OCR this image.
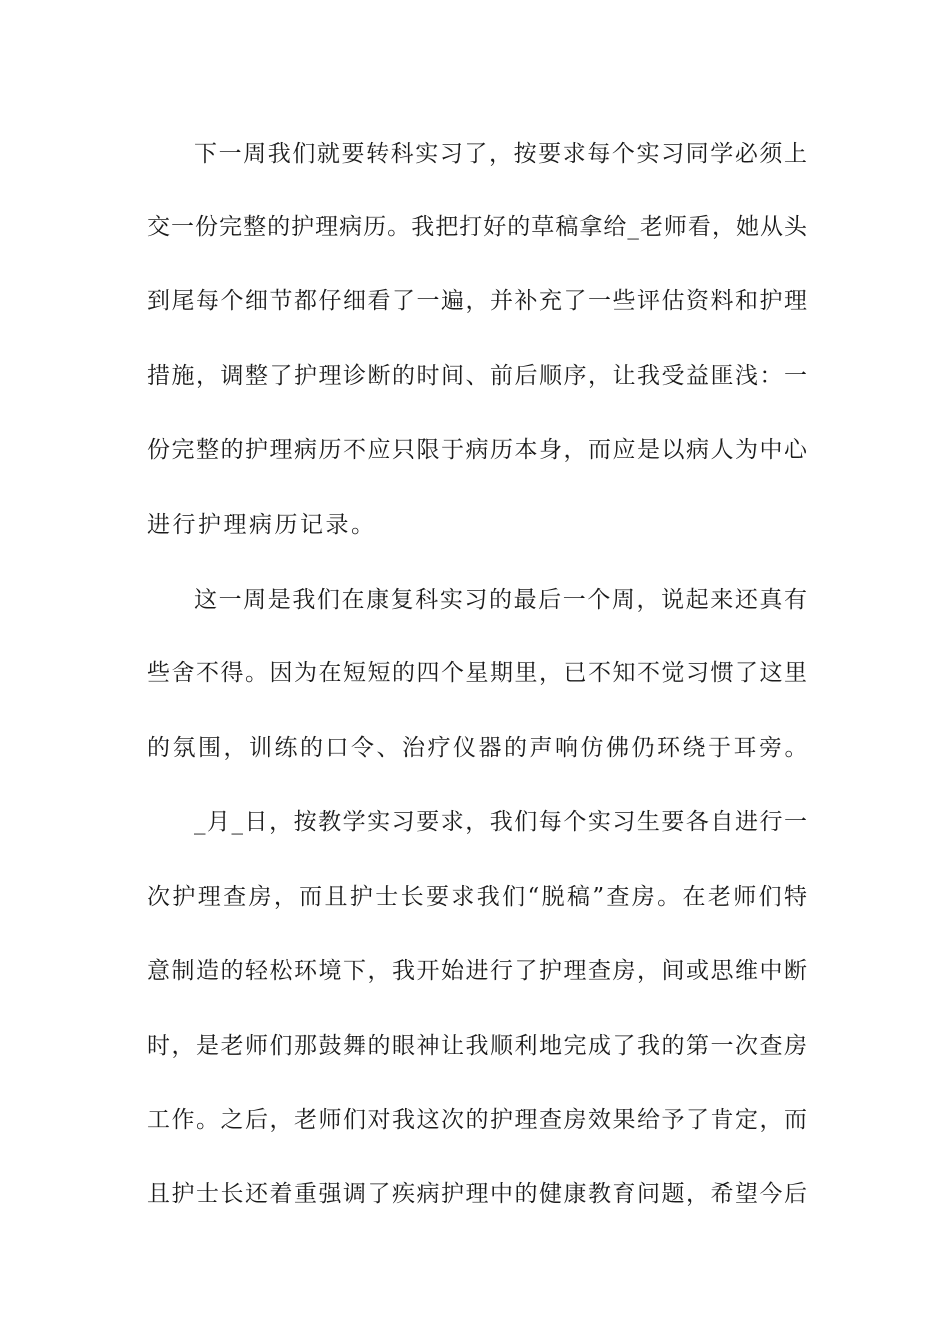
下一周我们就要转科实习了，按要求每个实习同学必须上
交一份完整的护理病历。我把打好的草稿拿给_老师看，她从头
到尾每个细节都仔细看了一遍，并补充了一些评估资料和护理
措施，调整了护理诊断的时间、前后顺序，让我受益匪浅：一
份完整的护理病历不应只限于病历本身，而应是以病人为中心
进行护理病历记录。
这一周是我们在康复科实习的最后一个周，说起来还真有
些舍不得。因为在短短的四个星期里，已不知不觉习惯了这里
的氛围，训练的口令、治疗仪器的声响仿佛仍环绕于耳旁。
_月_日，按教学实习要求，我们每个实习生要各自进行一
次护理查房，而且护士长要求我们“脱稿”查房。在老师们特
意制造的轻松环境下，我开始进行了护理查房，间或思维中断
时，是老师们那鼓舞的眼神让我顺利地完成了我的第一次查房
工作。之后，老师们对我这次的护理查房效果给予了肯定，而
且护士长还着重强调了疾病护理中的健康教育问题，希望今后
